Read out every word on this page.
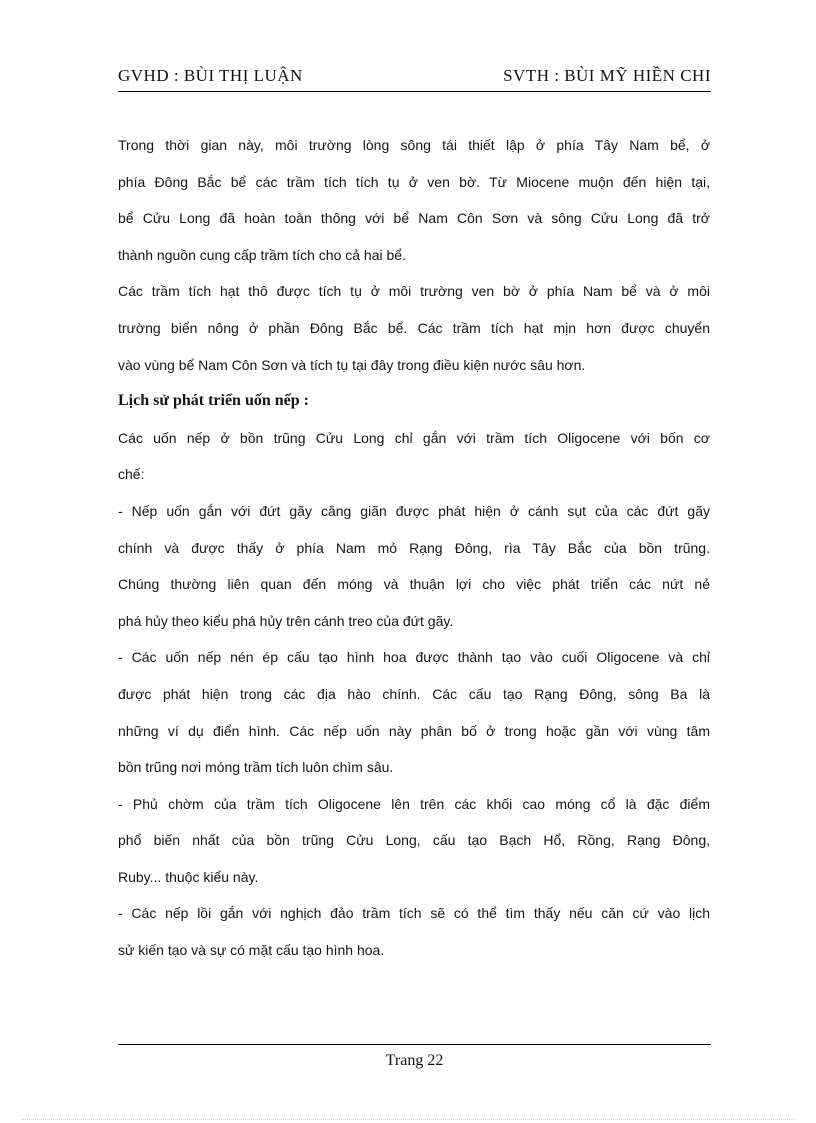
GVHD : BÙI THỊ LUẬN	SVTH : BÙI MỸ HIỀN CHI

Trong thời gian này, môi trường lòng sông tái thiết lập ở phía Tây Nam bể, ở

phía Đông Bắc bể các trầm tích tích tụ ở ven bờ. Từ Miocene muộn đến hiện tại,

bể Cửu Long đã hoàn toàn thông với bể Nam Côn Sơn và sông Cửu Long đã trở

thành nguồn cung cấp trầm tích cho cả hai bể.

Các trầm tích hạt thô được tích tụ ở môi trường ven bờ ở phía Nam bể và ở môi

trường biển nông ở phần Đông Bắc bể. Các trầm tích hạt mịn hơn được chuyển

vào vùng bể Nam Côn Sơn và tích tụ tại đây trong điều kiện nước sâu hơn.

Lịch sử phát triển uốn nếp :

Các uốn nếp ở bồn trũng Cửu Long chỉ gắn với trầm tích Oligocene với bốn cơ

chế:

- Nếp uốn gắn với đứt gãy căng giãn được phát hiện ở cánh sụt của các đứt gãy

chính và được thấy ở phía Nam mỏ Rạng Đông, rìa Tây Bắc của bồn trũng.

Chúng thường liên quan đến móng và thuận lợi cho việc phát triển các nứt nẻ

phá hủy theo kiểu phá hủy trên cánh treo của đứt gãy.

- Các uốn nếp nén ép cấu tạo hình hoa được thành tạo vào cuối Oligocene và chỉ

được phát hiện trong các địa hào chính. Các cấu tạo Rạng Đông, sông Ba là

những ví dụ điển hình. Các nếp uốn này phân bố ở trong hoặc gần với vùng tâm

bồn trũng nơi móng trầm tích luôn chìm sâu.

- Phủ chờm của trầm tích Oligocene lên trên các khối cao móng cổ là đặc điểm

phổ biến nhất của bồn trũng Cửu Long, cấu tạo Bạch Hổ, Rồng, Rạng Đông,

Ruby... thuộc kiểu này.

- Các nếp lồi gắn với nghịch đảo trầm tích sẽ có thể tìm thấy nếu căn cứ vào lịch

sử kiến tạo và sự có mặt cấu tạo hình hoa.

Trang 22
